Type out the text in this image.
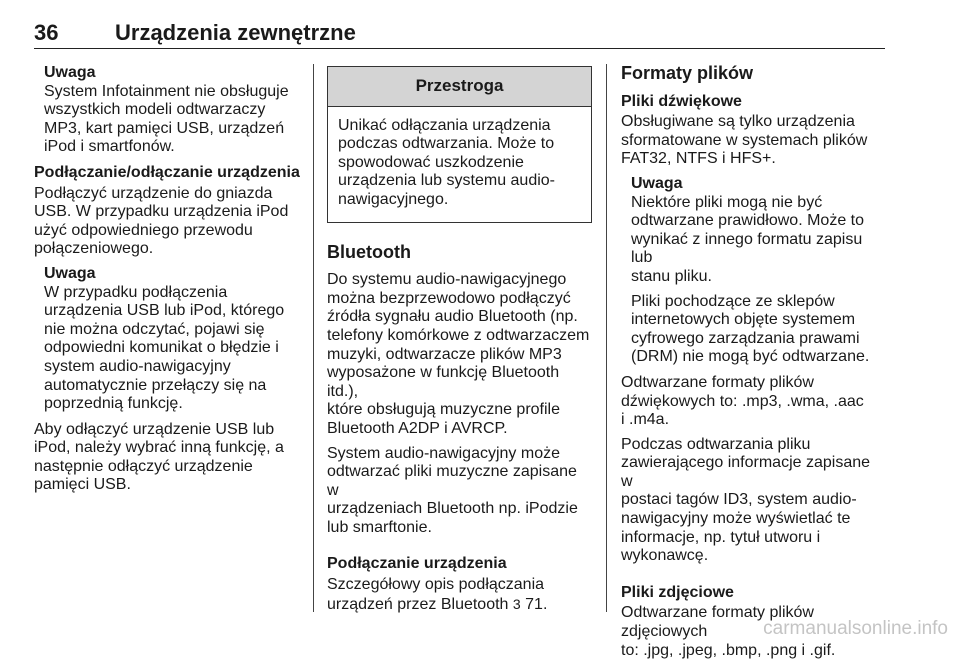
36	Urządzenia zewnętrzne
Uwaga
System Infotainment nie obsługuje
wszystkich modeli odtwarzaczy
MP3, kart pamięci USB, urządzeń
iPod i smartfonów.
Podłączanie/odłączanie urządzenia

Podłączyć urządzenie do gniazda
USB. W przypadku urządzenia iPod
użyć odpowiedniego przewodu
połączeniowego.

Uwaga
W przypadku podłączenia
urządzenia USB lub iPod, którego
nie można odczytać, pojawi się
odpowiedni komunikat o błędzie i
system audio-nawigacyjny
automatycznie przełączy się na
poprzednią funkcję.

Aby odłączyć urządzenie USB lub
iPod, należy wybrać inną funkcję, a
następnie odłączyć urządzenie
pamięci USB.

Przestroga
Unikać odłączania urządzenia
podczas odtwarzania. Może to
spowodować uszkodzenie
urządzenia lub systemu audio-
nawigacyjnego.
Bluetooth

Do systemu audio-nawigacyjnego
można bezprzewodowo podłączyć
źródła sygnału audio Bluetooth (np.
telefony komórkowe z odtwarzaczem
muzyki, odtwarzacze plików MP3
wyposażone w funkcję Bluetooth itd.),
które obsługują muzyczne profile
Bluetooth A2DP i AVRCP.

System audio-nawigacyjny może
odtwarzać pliki muzyczne zapisane w
urządzeniach Bluetooth np. iPodzie
lub smarftonie.

Podłączanie urządzenia

Szczegółowy opis podłączania
urządzeń przez Bluetooth 3 71.

Formaty plików
Pliki dźwiękowe

Obsługiwane są tylko urządzenia
sformatowane w systemach plików
FAT32, NTFS i HFS+.

Uwaga
Niektóre pliki mogą nie być
odtwarzane prawidłowo. Może to
wynikać z innego formatu zapisu lub
stanu pliku.
Pliki pochodzące ze sklepów
internetowych objęte systemem
cyfrowego zarządzania prawami
(DRM) nie mogą być odtwarzane.

Odtwarzane formaty plików
dźwiękowych to: .mp3, .wma, .aac
i .m4a.

Podczas odtwarzania pliku
zawierającego informacje zapisane w
postaci tagów ID3, system audio-
nawigacyjny może wyświetlać te
informacje, np. tytuł utworu i
wykonawcę.

Pliki zdjęciowe

Odtwarzane formaty plików
zdjęciowych
to: .jpg, .jpeg, .bmp, .png i .gif.

carmanualsonline.info
